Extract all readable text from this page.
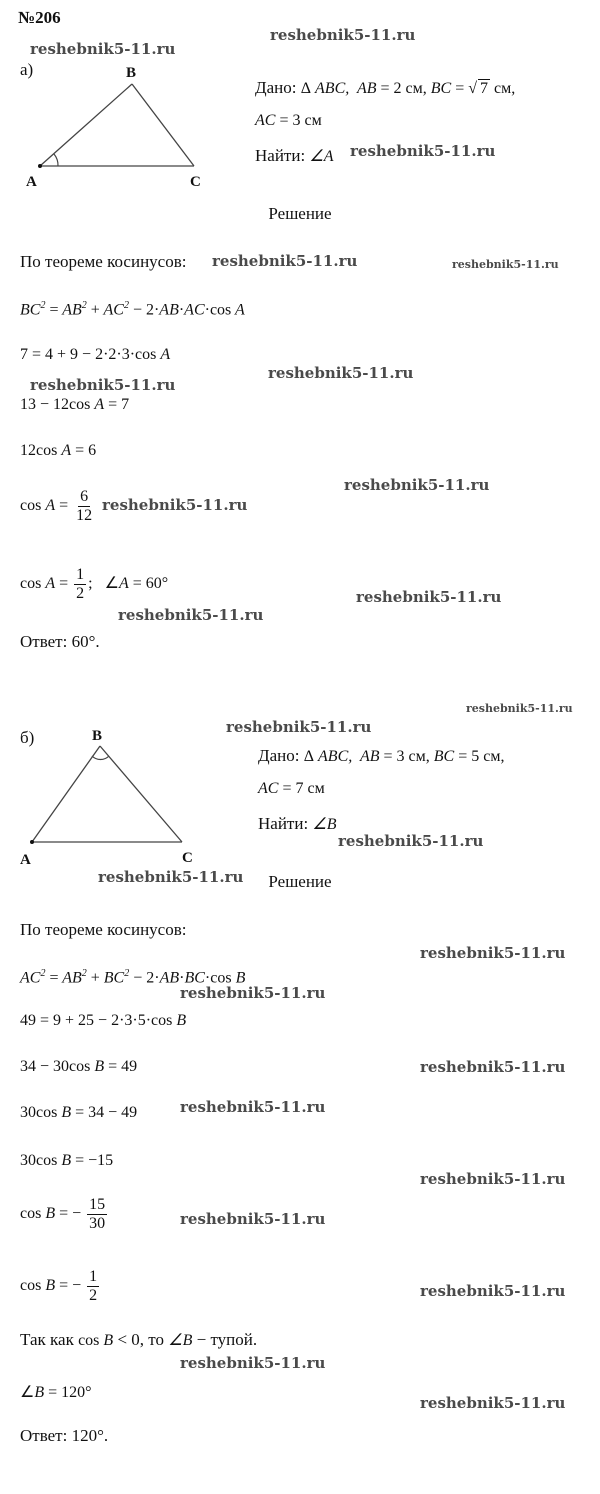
№206
а)
A
B
C
Дано: Δ ABC,  AB = 2 см, BC = √ 7 см,
AC = 3 см
Найти: ∠A
Решение
По теореме косинусов:
$BC^2 = AB^2 + AC^2 - 2\cdot AB\cdot AC\cdot\cos$ A
7 = 4 + 9 − 2·2·3·cos A
13 − 12cos A = 7
12cos A = 6
$\cos A = \frac{6}{12}$
$\cos A = \frac{1}{2}$ ;   ∠A = 60°
Ответ: 60°.
б)
A
B
C
Дано: Δ ABC,  AB = 3 см, BC = 5 см,
AC = 7 см
Найти: ∠B
Решение
По теореме косинусов:
$AC^2 = AB^2 + BC^2 - 2\cdot AB\cdot BC\cdot\cos$ B
49 = 9 + 25 − 2·3·5·cos B
34 − 30cos B = 49
30cos B = 34 − 49
30cos B = −15
cos B = − $\frac{15}{30}$
cos B = − $\frac{1}{2}$
Так как cos B < 0, то ∠B − тупой.
∠B = 120°
Ответ: 120°.
reshebnik5-11.ru
reshebnik5-11.ru
reshebnik5-11.ru
reshebnik5-11.ru	reshebnik5-11.ru
reshebnik5-11.ru
reshebnik5-11.ru
reshebnik5-11.ru
reshebnik5-11.ru
reshebnik5-11.ru
reshebnik5-11.ru
reshebnik5-11.ru
reshebnik5-11.ru
reshebnik5-11.ru
reshebnik5-11.ru
reshebnik5-11.ru
reshebnik5-11.ru
reshebnik5-11.ru
reshebnik5-11.ru
reshebnik5-11.ru
reshebnik5-11.ru
reshebnik5-11.ru
reshebnik5-11.ru
reshebnik5-11.ru
